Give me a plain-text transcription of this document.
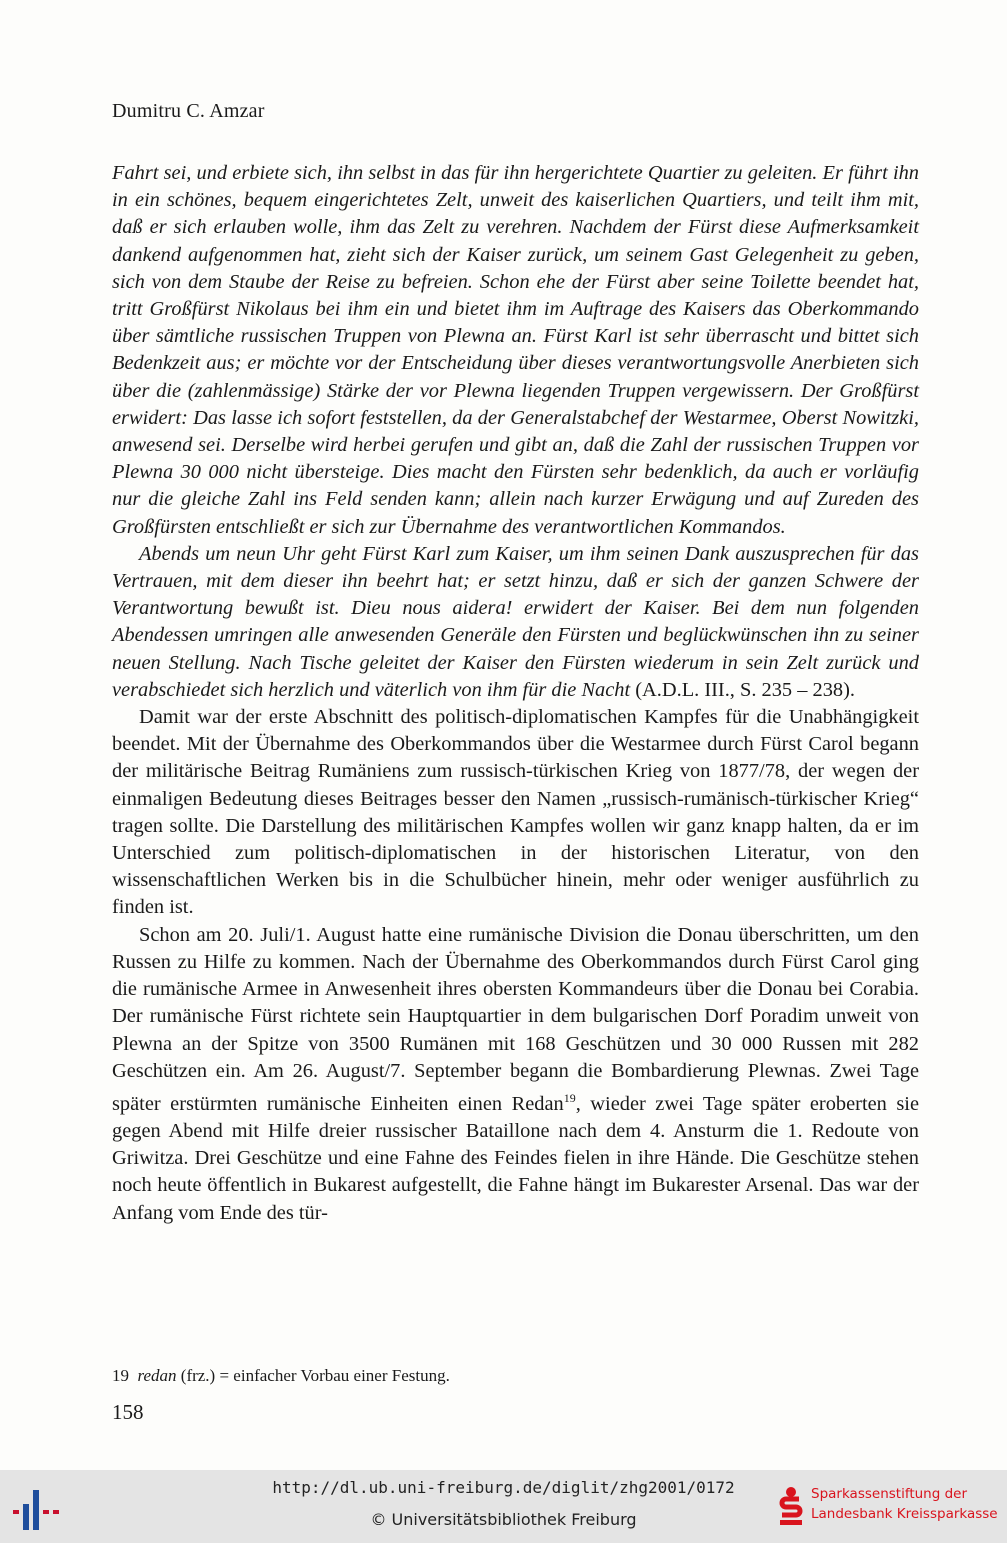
Dumitru C. Amzar

Fahrt sei, und erbiete sich, ihn selbst in das für ihn hergerichtete Quartier zu geleiten. Er führt ihn in ein schönes, bequem eingerichtetes Zelt, unweit des kaiserlichen Quartiers, und teilt ihm mit, daß er sich erlauben wolle, ihm das Zelt zu verehren. Nachdem der Fürst diese Aufmerksamkeit dankend aufgenommen hat, zieht sich der Kaiser zurück, um seinem Gast Gelegenheit zu geben, sich von dem Staube der Reise zu befreien. Schon ehe der Fürst aber seine Toilette beendet hat, tritt Großfürst Nikolaus bei ihm ein und bietet ihm im Auftrage des Kaisers das Oberkommando über sämtliche russischen Truppen von Plewna an. Fürst Karl ist sehr überrascht und bittet sich Bedenkzeit aus; er möchte vor der Entscheidung über dieses verantwortungsvolle Anerbieten sich über die (zahlenmässige) Stärke der vor Plewna liegenden Truppen vergewissern. Der Großfürst erwidert: Das lasse ich sofort feststellen, da der Generalstabchef der Westarmee, Oberst Nowitzki, anwesend sei. Derselbe wird herbei gerufen und gibt an, daß die Zahl der russischen Truppen vor Plewna 30 000 nicht übersteige. Dies macht den Fürsten sehr bedenklich, da auch er vorläufig nur die gleiche Zahl ins Feld senden kann; allein nach kurzer Erwägung und auf Zureden des Großfürsten entschließt er sich zur Übernahme des verantwortlichen Kommandos.

Abends um neun Uhr geht Fürst Karl zum Kaiser, um ihm seinen Dank auszusprechen für das Vertrauen, mit dem dieser ihn beehrt hat; er setzt hinzu, daß er sich der ganzen Schwere der Verantwortung bewußt ist. Dieu nous aidera! erwidert der Kaiser. Bei dem nun folgenden Abendessen umringen alle anwesenden Generäle den Fürsten und beglückwünschen ihn zu seiner neuen Stellung. Nach Tische geleitet der Kaiser den Fürsten wiederum in sein Zelt zurück und verabschiedet sich herzlich und väterlich von ihm für die Nacht (A.D.L. III., S. 235 – 238).

Damit war der erste Abschnitt des politisch-diplomatischen Kampfes für die Unabhängigkeit beendet. Mit der Übernahme des Oberkommandos über die Westarmee durch Fürst Carol begann der militärische Beitrag Rumäniens zum russisch-türkischen Krieg von 1877/78, der wegen der einmaligen Bedeutung dieses Beitrages besser den Namen „russisch-rumänisch-türkischer Krieg“ tragen sollte. Die Darstellung des militärischen Kampfes wollen wir ganz knapp halten, da er im Unterschied zum politisch-diplomatischen in der historischen Literatur, von den wissenschaftlichen Werken bis in die Schulbücher hinein, mehr oder weniger ausführlich zu finden ist.

Schon am 20. Juli/1. August hatte eine rumänische Division die Donau überschritten, um den Russen zu Hilfe zu kommen. Nach der Übernahme des Oberkommandos durch Fürst Carol ging die rumänische Armee in Anwesenheit ihres obersten Kommandeurs über die Donau bei Corabia. Der rumänische Fürst richtete sein Hauptquartier in dem bulgarischen Dorf Poradim unweit von Plewna an der Spitze von 3500 Rumänen mit 168 Geschützen und 30 000 Russen mit 282 Geschützen ein. Am 26. August/7. September begann die Bombardierung Plewnas. Zwei Tage später erstürmten rumänische Einheiten einen Redan$^{19}$, wieder zwei Tage später eroberten sie gegen Abend mit Hilfe dreier russischer Bataillone nach dem 4. Ansturm die 1. Redoute von Griwitza. Drei Geschütze und eine Fahne des Feindes fielen in ihre Hände. Die Geschütze stehen noch heute öffentlich in Bukarest aufgestellt, die Fahne hängt im Bukarester Arsenal. Das war der Anfang vom Ende des tür-

19 redan (frz.) = einfacher Vorbau einer Festung.
158
http://dl.ub.uni-freiburg.de/diglit/zhg2001/0172
© Universitätsbibliothek Freiburg
Sparkassenstiftung der
Landesbank Kreissparkasse
